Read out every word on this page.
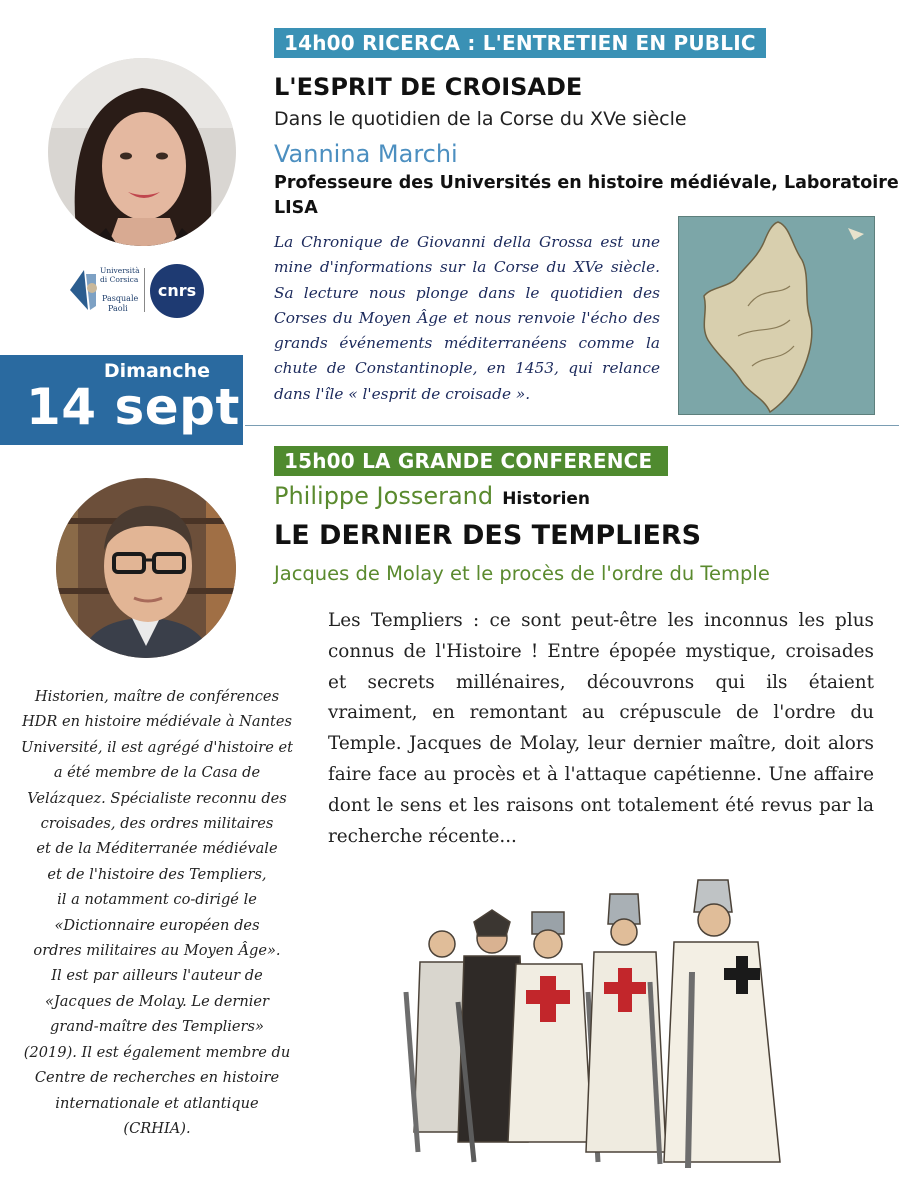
14h00 RICERCA : L'ENTRETIEN EN PUBLIC
L'ESPRIT DE CROISADE
Dans le quotidien de la Corse du XVe siècle
Vannina Marchi
Professeure des Universités en histoire médiévale, Laboratoire
LISA
La Chronique de Giovanni della Grossa est une mine d'informations sur la Corse du XVe siècle. Sa lecture nous plonge dans le quotidien des Corses du Moyen Âge et nous renvoie l'écho des grands événements méditerranéens comme la chute de Constantinople, en 1453, qui relance dans l'île « l'esprit de croisade ».
Università
di Corsica
Pasquale
Paoli
cnrs
Dimanche
14 sept
15h00 LA GRANDE CONFERENCE
Philippe Josserand Historien
LE DERNIER DES TEMPLIERS
Jacques de Molay et le procès de l'ordre du Temple
Les Templiers : ce sont peut-être les inconnus les plus connus de l'Histoire ! Entre épopée mystique, croisades et secrets millénaires, découvrons qui ils étaient vraiment, en remontant au crépuscule de l'ordre du Temple. Jacques de Molay, leur dernier maître, doit alors faire face au procès et à l'attaque capétienne. Une affaire dont le sens et les raisons ont totalement été revus par la recherche récente...
Historien, maître de conférences
HDR en histoire médiévale à Nantes
Université, il est agrégé d'histoire et
a été membre de la Casa de
Velázquez. Spécialiste reconnu des
croisades, des ordres militaires
et de la Méditerranée médiévale
et de l'histoire des Templiers,
il a notamment co-dirigé le
«Dictionnaire européen des
ordres militaires au Moyen Âge».
Il est par ailleurs l'auteur de
«Jacques de Molay. Le dernier
grand-maître des Templiers»
(2019). Il est également membre du
Centre de recherches en histoire
internationale et atlantique
(CRHIA).
